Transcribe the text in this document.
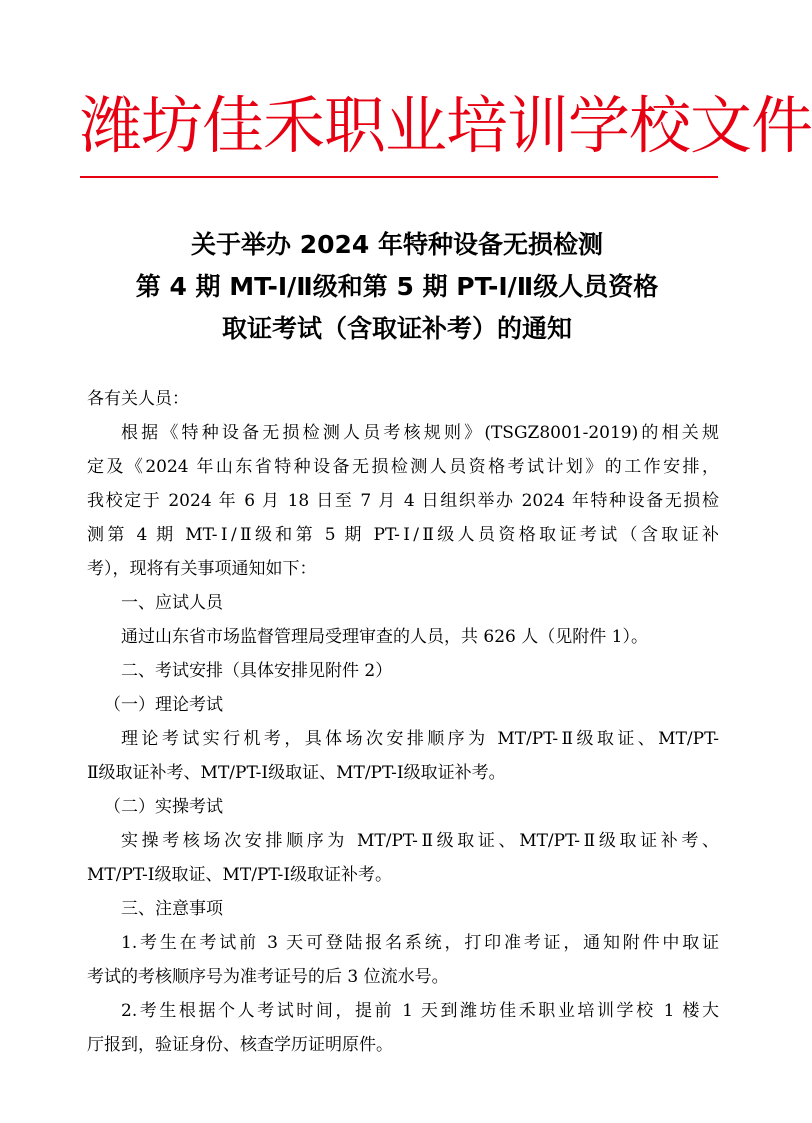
潍坊佳禾职业培训学校文件
关于举办 2024 年特种设备无损检测
第 4 期 MT-Ⅰ/Ⅱ级和第 5 期 PT-Ⅰ/Ⅱ级人员资格
取证考试（含取证补考）的通知
各有关人员：
根据《特种设备无损检测人员考核规则》(TSGZ8001-2019)的相关规
定及《2024 年山东省特种设备无损检测人员资格考试计划》的工作安排，
我校定于 2024 年 6 月 18 日至 7 月 4 日组织举办 2024 年特种设备无损检
测第 4 期 MT-Ⅰ/Ⅱ级和第 5 期 PT-Ⅰ/Ⅱ级人员资格取证考试（含取证补
考），现将有关事项通知如下：
一、应试人员
通过山东省市场监督管理局受理审查的人员，共 626 人（见附件 1）。
二、考试安排（具体安排见附件 2）
（一）理论考试
理论考试实行机考，具体场次安排顺序为 MT/PT-Ⅱ级取证、MT/PT-
Ⅱ级取证补考、MT/PT-Ⅰ级取证、MT/PT-Ⅰ级取证补考。
（二）实操考试
实操考核场次安排顺序为 MT/PT-Ⅱ级取证、MT/PT-Ⅱ级取证补考、
MT/PT-Ⅰ级取证、MT/PT-Ⅰ级取证补考。
三、注意事项
1.考生在考试前 3 天可登陆报名系统，打印准考证，通知附件中取证
考试的考核顺序号为准考证号的后 3 位流水号。
2.考生根据个人考试时间，提前 1 天到潍坊佳禾职业培训学校 1 楼大
厅报到，验证身份、核查学历证明原件。
